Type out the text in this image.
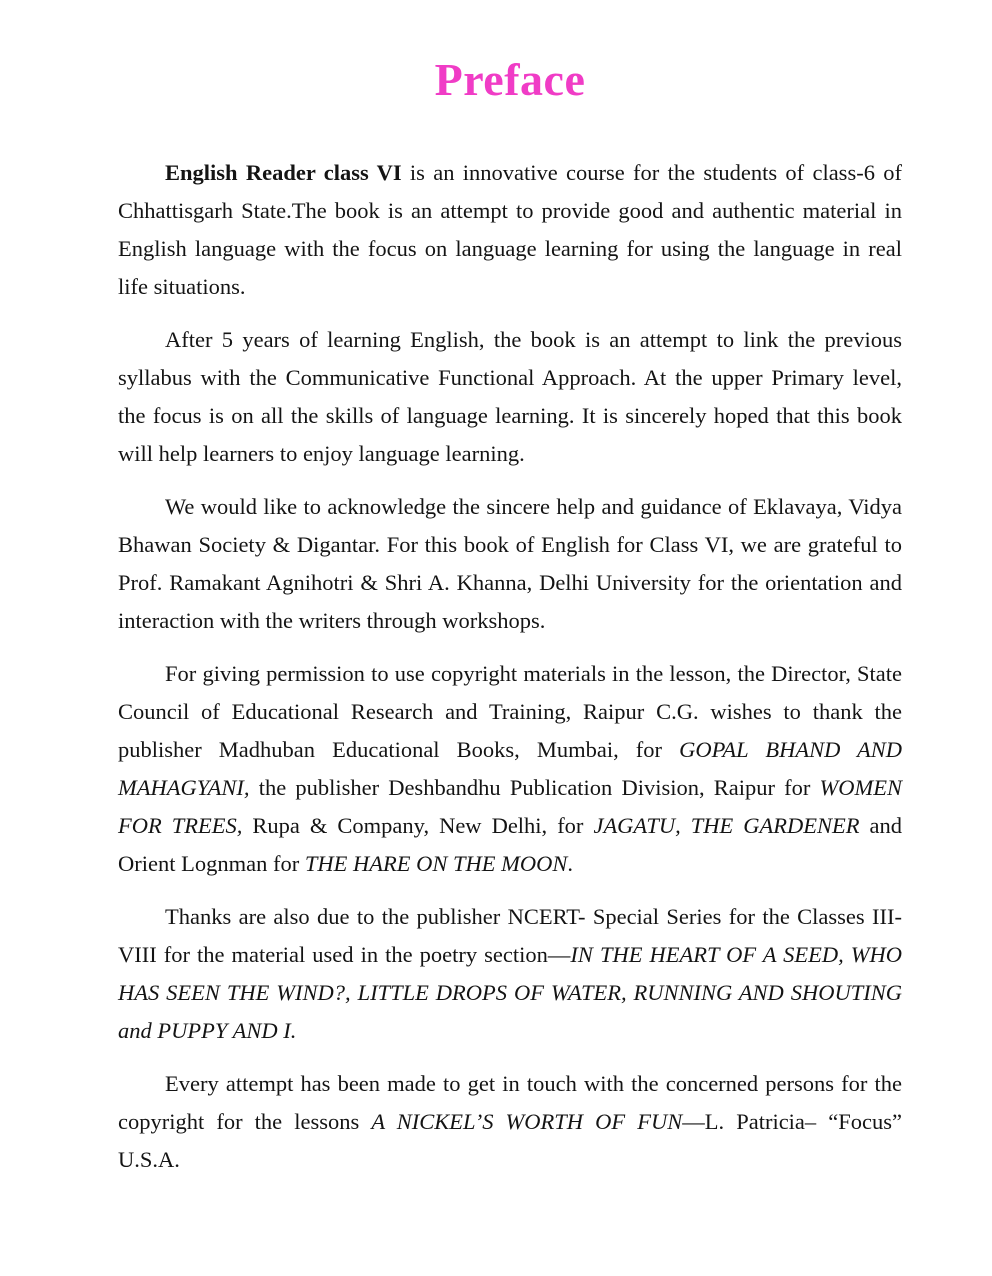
Preface

English Reader class VI is an innovative course for the students of class-6 of Chhattisgarh State.The book is an attempt to provide good and authentic material in English language with the focus on language learning for using the language in real life situations.

After 5 years of learning English, the book is an attempt to link the previous syllabus with the Communicative Functional Approach. At the upper Primary level, the focus is on all the skills of language learning. It is sincerely hoped that this book will help learners to enjoy language learning.

We would like to acknowledge the sincere help and guidance of Eklavaya, Vidya Bhawan Society & Digantar. For this book of English for Class VI, we are grateful to Prof. Ramakant Agnihotri & Shri A. Khanna, Delhi University for the orientation and interaction with the writers through workshops.

For giving permission to use copyright materials in the lesson, the Director, State Council of Educational Research and Training, Raipur C.G. wishes to thank the publisher Madhuban Educational Books, Mumbai, for GOPAL BHAND AND MAHAGYANI, the publisher Deshbandhu Publication Division, Raipur for WOMEN FOR TREES, Rupa & Company, New Delhi, for JAGATU, THE GARDENER and Orient Lognman for THE HARE ON THE MOON.

Thanks are also due to the publisher NCERT- Special Series for the Classes III-VIII for the material used in the poetry section—IN THE HEART OF A SEED, WHO HAS SEEN THE WIND?, LITTLE DROPS OF WATER, RUNNING AND SHOUTING and PUPPY AND I.

Every attempt has been made to get in touch with the concerned persons for the copyright for the lessons A NICKEL’S WORTH OF FUN—L. Patricia– “Focus” U.S.A.
